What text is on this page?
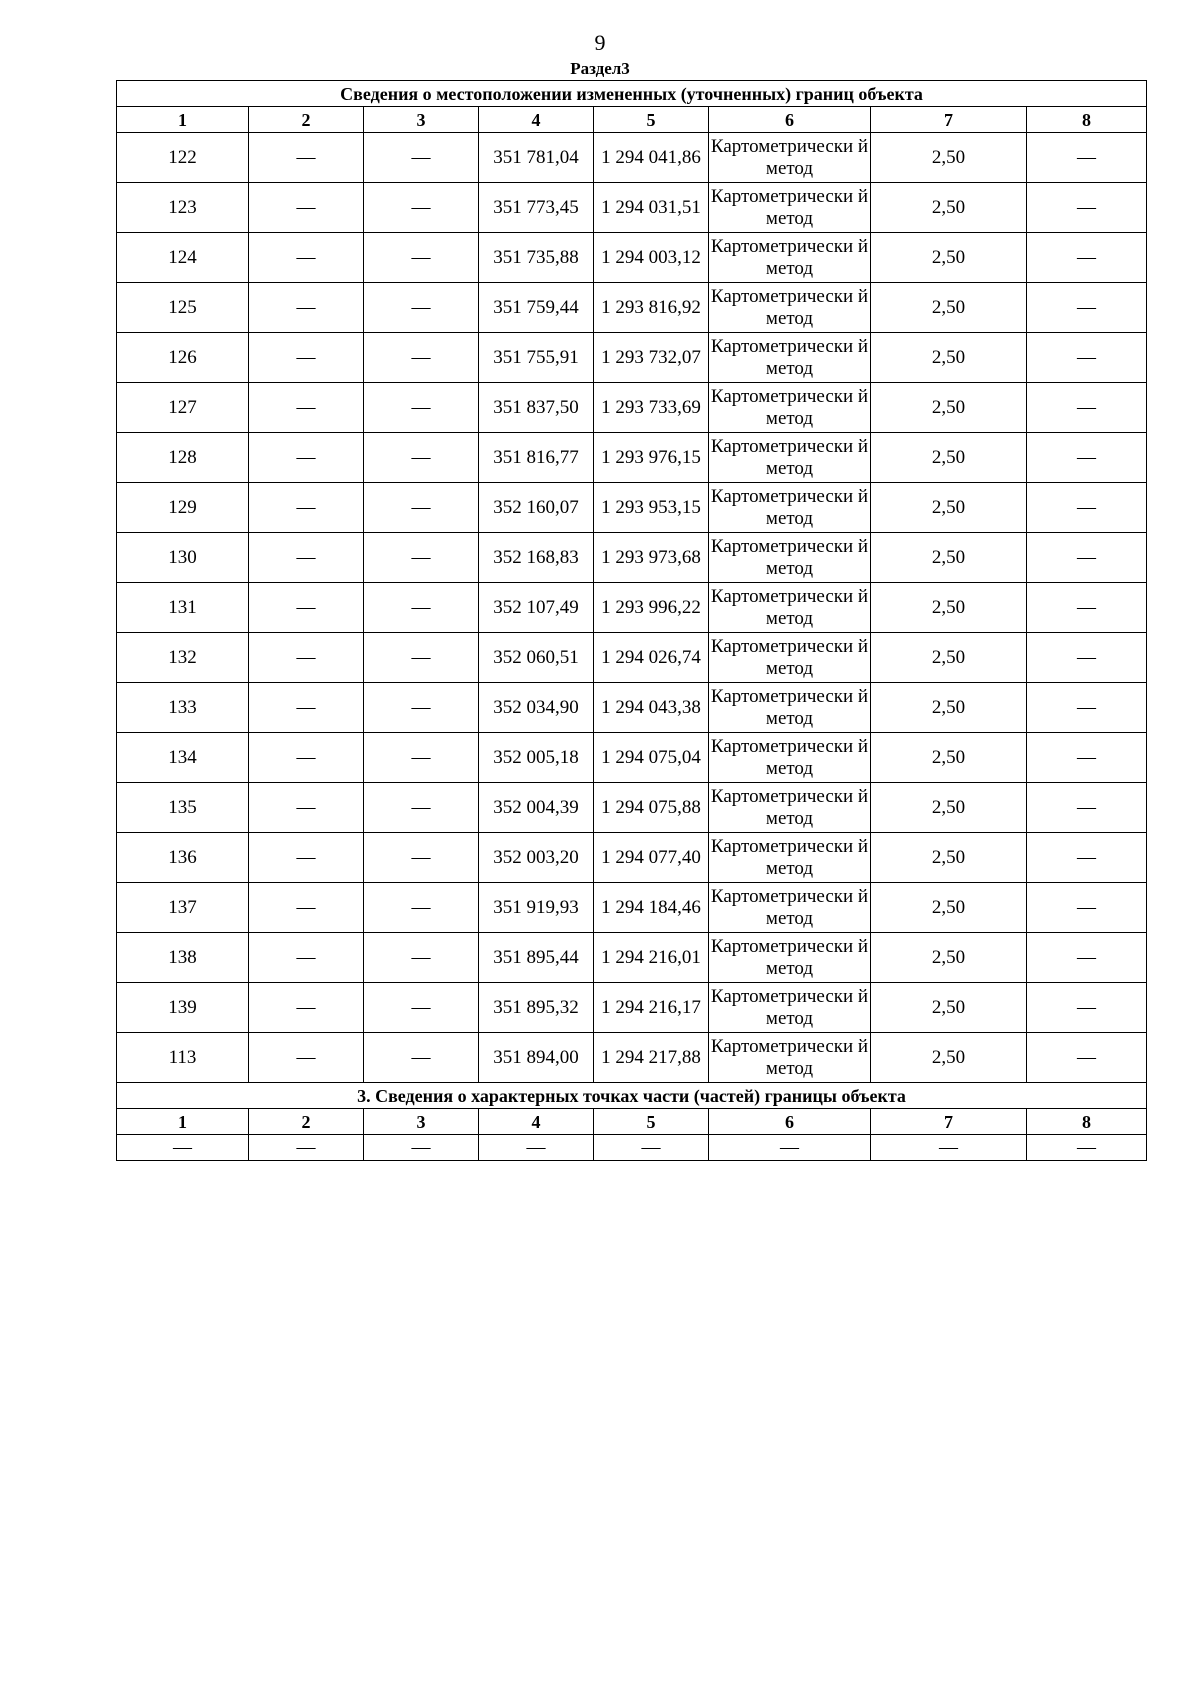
9
Раздел3
Сведения о местоположении измененных (уточненных) границ объекта							
1	2	3	4	5	6	7	8
122	—	—	351 781,04	1 294 041,86	Картометрически й метод	2,50	—
123	—	—	351 773,45	1 294 031,51	Картометрически й метод	2,50	—
124	—	—	351 735,88	1 294 003,12	Картометрически й метод	2,50	—
125	—	—	351 759,44	1 293 816,92	Картометрически й метод	2,50	—
126	—	—	351 755,91	1 293 732,07	Картометрически й метод	2,50	—
127	—	—	351 837,50	1 293 733,69	Картометрически й метод	2,50	—
128	—	—	351 816,77	1 293 976,15	Картометрически й метод	2,50	—
129	—	—	352 160,07	1 293 953,15	Картометрически й метод	2,50	—
130	—	—	352 168,83	1 293 973,68	Картометрически й метод	2,50	—
131	—	—	352 107,49	1 293 996,22	Картометрически й метод	2,50	—
132	—	—	352 060,51	1 294 026,74	Картометрически й метод	2,50	—
133	—	—	352 034,90	1 294 043,38	Картометрически й метод	2,50	—
134	—	—	352 005,18	1 294 075,04	Картометрически й метод	2,50	—
135	—	—	352 004,39	1 294 075,88	Картометрически й метод	2,50	—
136	—	—	352 003,20	1 294 077,40	Картометрически й метод	2,50	—
137	—	—	351 919,93	1 294 184,46	Картометрически й метод	2,50	—
138	—	—	351 895,44	1 294 216,01	Картометрически й метод	2,50	—
139	—	—	351 895,32	1 294 216,17	Картометрически й метод	2,50	—
113	—	—	351 894,00	1 294 217,88	Картометрически й метод	2,50	—
3. Сведения о характерных точках части (частей) границы объекта							
1	2	3	4	5	6	7	8
—	—	—	—	—	—	—	—
